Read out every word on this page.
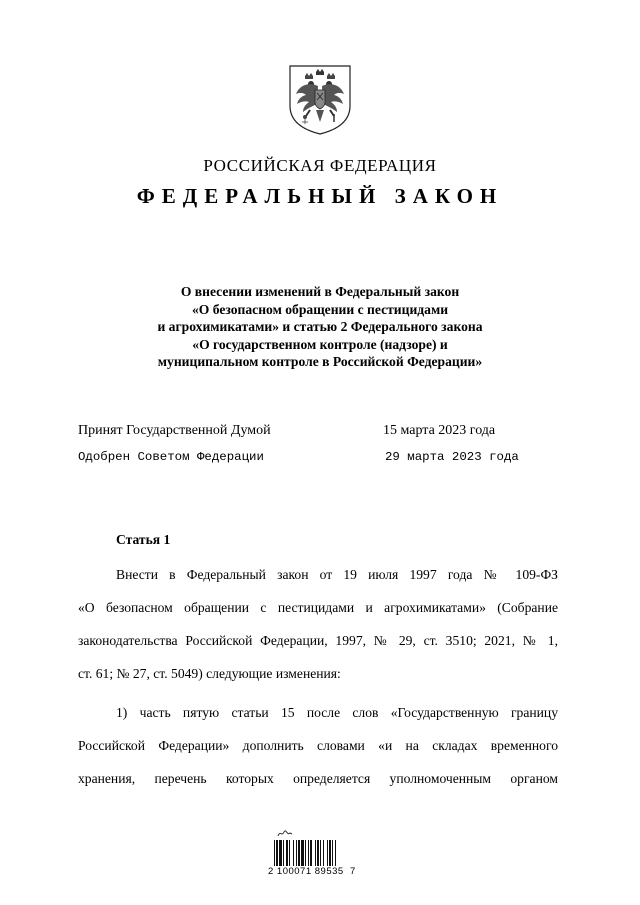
РОССИЙСКАЯ ФЕДЕРАЦИЯ
ФЕДЕРАЛЬНЫЙ ЗАКОН
О внесении изменений в Федеральный закон
«О безопасном обращении с пестицидами
и агрохимикатами» и статью 2 Федерального закона
«О государственном контроле (надзоре) и
муниципальном контроле в Российской Федерации»
Принят Государственной Думой	15 марта 2023 года
Одобрен Советом Федерации	29 марта 2023 года
Статья 1
Внести в Федеральный закон от 19 июля 1997 года № 109-ФЗ
«О безопасном обращении с пестицидами и агрохимикатами» (Собрание
законодательства Российской Федерации, 1997, № 29, ст. 3510; 2021, № 1,
ст. 61; № 27, ст. 5049) следующие изменения:
1) часть пятую статьи 15 после слов «Государственную границу
Российской Федерации» дополнить словами «и на складах временного
хранения, перечень которых определяется уполномоченным органом
2 100071 89535  7
